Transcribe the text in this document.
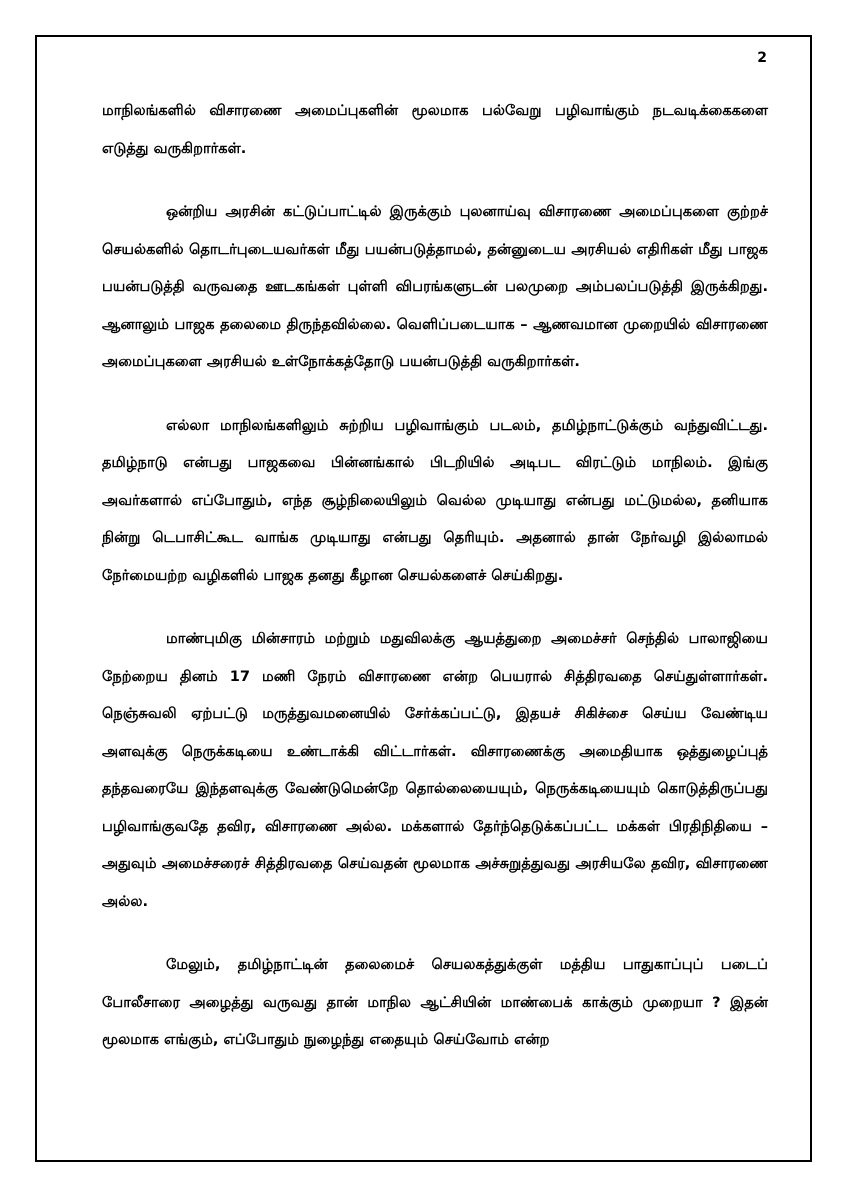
2

மாநிலங்களில் விசாரணை அமைப்புகளின் மூலமாக பல்வேறு பழிவாங்கும் நடவடிக்கைகளை எடுத்து வருகிறார்கள்.

ஒன்றிய அரசின் கட்டுப்பாட்டில் இருக்கும் புலனாய்வு விசாரணை அமைப்புகளை குற்றச் செயல்களில் தொடர்புடையவர்கள் மீது பயன்படுத்தாமல், தன்னுடைய அரசியல் எதிரிகள் மீது பாஜக பயன்படுத்தி வருவதை ஊடகங்கள் புள்ளி விபரங்களுடன் பலமுறை அம்பலப்படுத்தி இருக்கிறது. ஆனாலும் பாஜக தலைமை திருந்தவில்லை. வெளிப்படையாக – ஆணவமான முறையில் விசாரணை அமைப்புகளை அரசியல் உள்நோக்கத்தோடு பயன்படுத்தி வருகிறார்கள்.

எல்லா மாநிலங்களிலும் சுற்றிய பழிவாங்கும் படலம், தமிழ்நாட்டுக்கும் வந்துவிட்டது. தமிழ்நாடு என்பது பாஜகவை பின்னங்கால் பிடறியில் அடிபட விரட்டும் மாநிலம். இங்கு அவர்களால் எப்போதும், எந்த சூழ்நிலையிலும் வெல்ல முடியாது என்பது மட்டுமல்ல, தனியாக நின்று டெபாசிட்கூட வாங்க முடியாது என்பது தெரியும். அதனால் தான் நேர்வழி இல்லாமல் நேர்மையற்ற வழிகளில் பாஜக தனது கீழான செயல்களைச் செய்கிறது.

மாண்புமிகு மின்சாரம் மற்றும் மதுவிலக்கு ஆயத்துறை அமைச்சர் செந்தில் பாலாஜியை நேற்றைய தினம் 17 மணி நேரம் விசாரணை என்ற பெயரால் சித்திரவதை செய்துள்ளார்கள். நெஞ்சுவலி ஏற்பட்டு மருத்துவமனையில் சேர்க்கப்பட்டு, இதயச் சிகிச்சை செய்ய வேண்டிய அளவுக்கு நெருக்கடியை உண்டாக்கி விட்டார்கள். விசாரணைக்கு அமைதியாக ஒத்துழைப்புத் தந்தவரையே இந்தளவுக்கு வேண்டுமென்றே தொல்லையையும், நெருக்கடியையும் கொடுத்திருப்பது பழிவாங்குவதே தவிர, விசாரணை அல்ல. மக்களால் தேர்ந்தெடுக்கப்பட்ட மக்கள் பிரதிநிதியை – அதுவும் அமைச்சரைச் சித்திரவதை செய்வதன் மூலமாக அச்சுறுத்துவது அரசியலே தவிர, விசாரணை அல்ல.

மேலும், தமிழ்நாட்டின் தலைமைச் செயலகத்துக்குள் மத்திய பாதுகாப்புப் படைப் போலீசாரை அழைத்து வருவது தான் மாநில ஆட்சியின் மாண்பைக் காக்கும் முறையா ? இதன் மூலமாக எங்கும், எப்போதும் நுழைந்து எதையும் செய்வோம் என்ற
